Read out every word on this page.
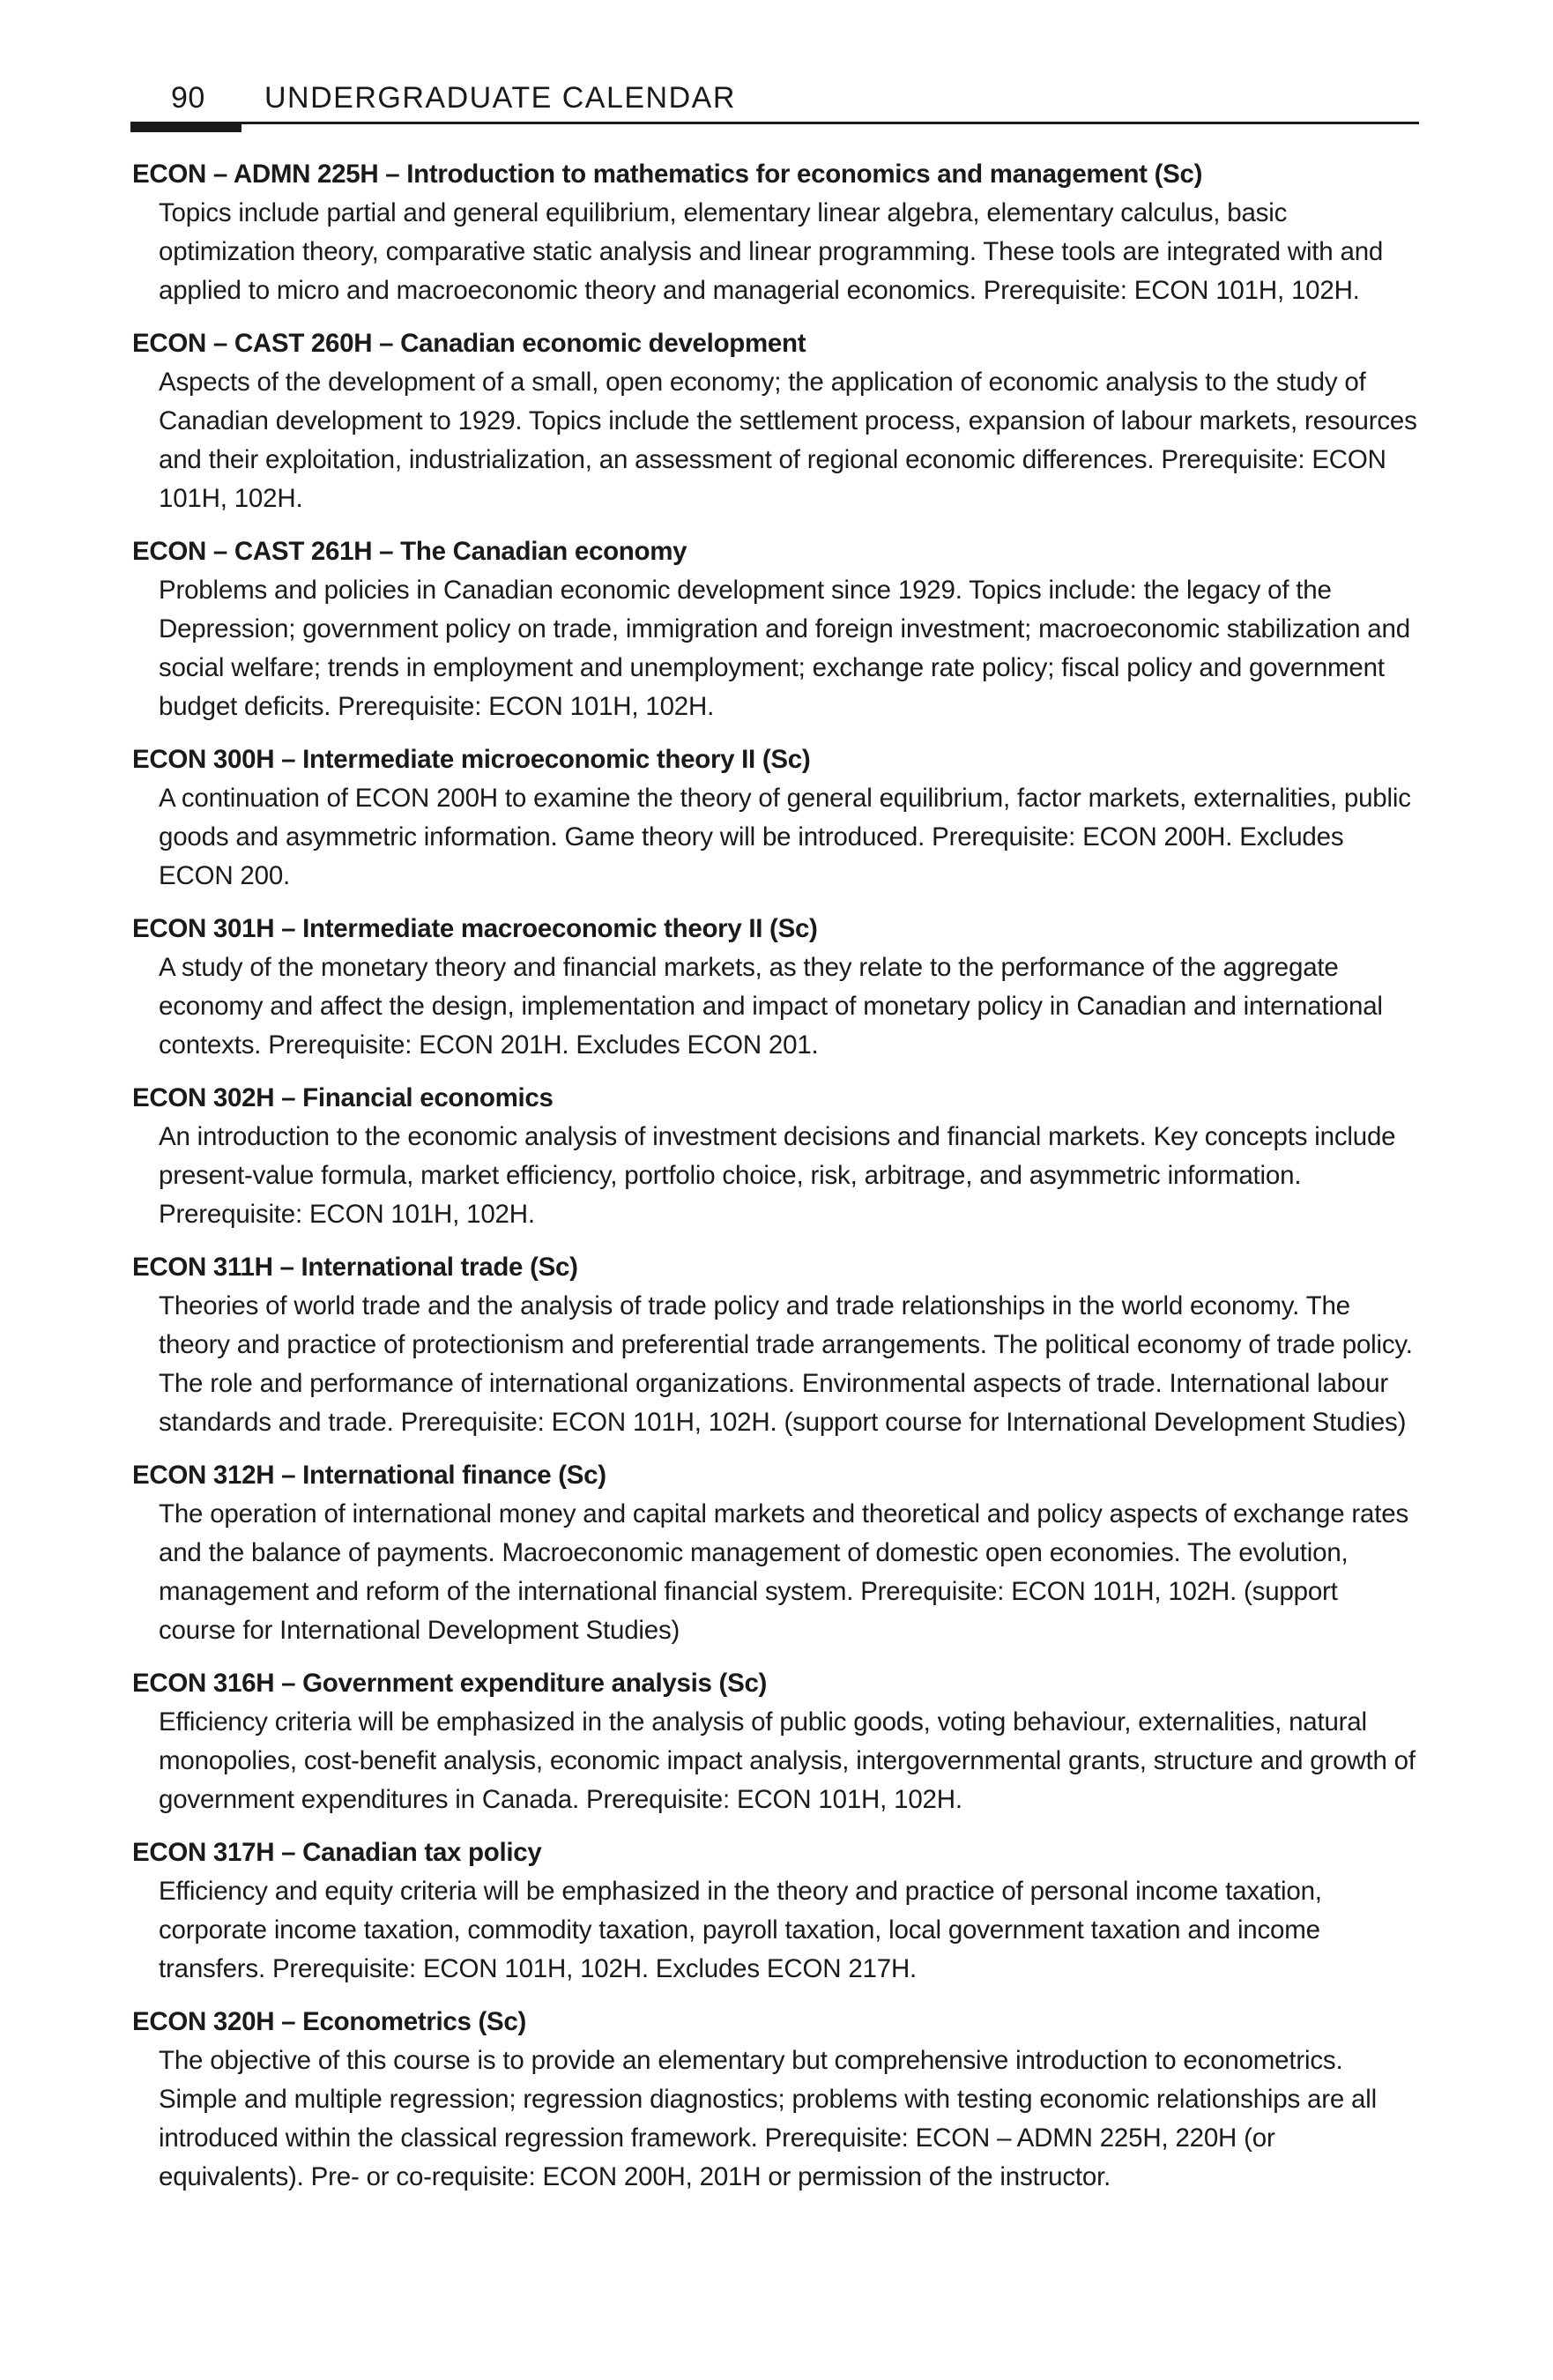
90 UNDERGRADUATE CALENDAR

ECON – ADMN 225H – Introduction to mathematics for economics and management (Sc)

Topics include partial and general equilibrium, elementary linear algebra, elementary calculus, basic optimization theory, comparative static analysis and linear programming. These tools are integrated with and applied to micro and macroeconomic theory and managerial economics. Prerequisite: ECON 101H, 102H.

ECON – CAST 260H – Canadian economic development

Aspects of the development of a small, open economy; the application of economic analysis to the study of Canadian development to 1929. Topics include the settlement process, expansion of labour markets, resources and their exploitation, industrialization, an assessment of regional economic differences. Prerequisite: ECON 101H, 102H.

ECON – CAST 261H – The Canadian economy

Problems and policies in Canadian economic development since 1929. Topics include: the legacy of the Depression; government policy on trade, immigration and foreign investment; macroeconomic stabilization and social welfare; trends in employment and unemployment; exchange rate policy; fiscal policy and government budget deficits. Prerequisite: ECON 101H, 102H.

ECON 300H – Intermediate microeconomic theory II (Sc)

A continuation of ECON 200H to examine the theory of general equilibrium, factor markets, externalities, public goods and asymmetric information. Game theory will be introduced. Prerequisite: ECON 200H. Excludes ECON 200.

ECON 301H – Intermediate macroeconomic theory II (Sc)

A study of the monetary theory and financial markets, as they relate to the performance of the aggregate economy and affect the design, implementation and impact of monetary policy in Canadian and international contexts. Prerequisite: ECON 201H. Excludes ECON 201.

ECON 302H – Financial economics

An introduction to the economic analysis of investment decisions and financial markets. Key concepts include present-value formula, market efficiency, portfolio choice, risk, arbitrage, and asymmetric information. Prerequisite: ECON 101H, 102H.

ECON 311H – International trade (Sc)

Theories of world trade and the analysis of trade policy and trade relationships in the world economy. The theory and practice of protectionism and preferential trade arrangements. The political economy of trade policy. The role and performance of international organizations. Environmental aspects of trade. International labour standards and trade. Prerequisite: ECON 101H, 102H. (support course for International Development Studies)

ECON 312H – International finance (Sc)

The operation of international money and capital markets and theoretical and policy aspects of exchange rates and the balance of payments. Macroeconomic management of domestic open economies. The evolution, management and reform of the international financial system. Prerequisite: ECON 101H, 102H. (support course for International Development Studies)

ECON 316H – Government expenditure analysis (Sc)

Efficiency criteria will be emphasized in the analysis of public goods, voting behaviour, externalities, natural monopolies, cost-benefit analysis, economic impact analysis, intergovernmental grants, structure and growth of government expenditures in Canada. Prerequisite: ECON 101H, 102H.

ECON 317H – Canadian tax policy

Efficiency and equity criteria will be emphasized in the theory and practice of personal income taxation, corporate income taxation, commodity taxation, payroll taxation, local government taxation and income transfers. Prerequisite: ECON 101H, 102H. Excludes ECON 217H.

ECON 320H – Econometrics (Sc)

The objective of this course is to provide an elementary but comprehensive introduction to econometrics. Simple and multiple regression; regression diagnostics; problems with testing economic relationships are all introduced within the classical regression framework. Prerequisite: ECON – ADMN 225H, 220H (or equivalents). Pre- or co-requisite: ECON 200H, 201H or permission of the instructor.
